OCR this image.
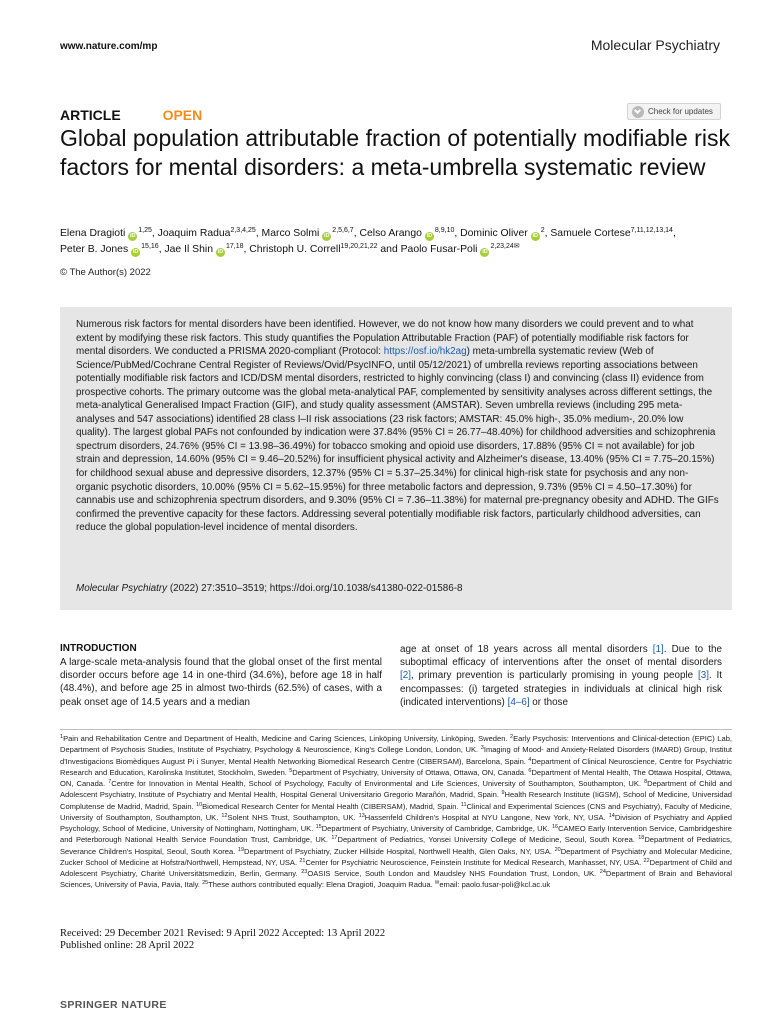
www.nature.com/mp	Molecular Psychiatry
ARTICLE	OPEN	Check for updates
Global population attributable fraction of potentially modifiable risk factors for mental disorders: a meta-umbrella systematic review
Elena Dragioti iD$^{1,25}$, Joaquim Radua$^{2,3,4,25}$, Marco Solmi iD$^{2,5,6,7}$, Celso Arango iD$^{8,9,10}$, Dominic Oliver $iD^2$, Samuele Cortese$^{7,11,12,13,14}$,
Peter B. Jones iD$^{15,16}$, Jae Il Shin iD$^{17,18}$, Christoph U. Correll$^{19,20,21,22}$ and Paolo Fusar-Poli $iD^{2,23,24✉}$
© The Author(s) 2022

Numerous risk factors for mental disorders have been identified. However, we do not know how many disorders we could prevent and to what extent by modifying these risk factors. This study quantifies the Population Attributable Fraction (PAF) of potentially modifiable risk factors for mental disorders. We conducted a PRISMA 2020-compliant (Protocol: https://osf.io/hk2ag) meta-umbrella systematic review (Web of Science/PubMed/Cochrane Central Register of Reviews/Ovid/PsycINFO, until 05/12/2021) of umbrella reviews reporting associations between potentially modifiable risk factors and ICD/DSM mental disorders, restricted to highly convincing (class I) and convincing (class II) evidence from prospective cohorts. The primary outcome was the global meta-analytical PAF, complemented by sensitivity analyses across different settings, the meta-analytical Generalised Impact Fraction (GIF), and study quality assessment (AMSTAR). Seven umbrella reviews (including 295 meta-analyses and 547 associations) identified 28 class I–II risk associations (23 risk factors; AMSTAR: 45.0% high-, 35.0% medium-, 20.0% low quality). The largest global PAFs not confounded by indication were 37.84% (95% CI = 26.77–48.40%) for childhood adversities and schizophrenia spectrum disorders, 24.76% (95% CI = 13.98–36.49%) for tobacco smoking and opioid use disorders, 17.88% (95% CI = not available) for job strain and depression, 14.60% (95% CI = 9.46–20.52%) for insufficient physical activity and Alzheimer's disease, 13.40% (95% CI = 7.75–20.15%) for childhood sexual abuse and depressive disorders, 12.37% (95% CI = 5.37–25.34%) for clinical high-risk state for psychosis and any non-organic psychotic disorders, 10.00% (95% CI = 5.62–15.95%) for three metabolic factors and depression, 9.73% (95% CI = 4.50–17.30%) for cannabis use and schizophrenia spectrum disorders, and 9.30% (95% CI = 7.36–11.38%) for maternal pre-pregnancy obesity and ADHD. The GIFs confirmed the preventive capacity for these factors. Addressing several potentially modifiable risk factors, particularly childhood adversities, can reduce the global population-level incidence of mental disorders.

Molecular Psychiatry (2022) 27:3510–3519; https://doi.org/10.1038/s41380-022-01586-8

INTRODUCTION

A large-scale meta-analysis found that the global onset of the first mental disorder occurs before age 14 in one-third (34.6%), before age 18 in half (48.4%), and before age 25 in almost two-thirds (62.5%) of cases, with a peak onset age of 14.5 years and a median

age at onset of 18 years across all mental disorders [1]. Due to the suboptimal efficacy of interventions after the onset of mental disorders [2], primary prevention is particularly promising in young people [3]. It encompasses: (i) targeted strategies in individuals at clinical high risk (indicated interventions) [4–6] or those

$^1$Pain and Rehabilitation Centre and Department of Health, Medicine and Caring Sciences, Linköping University, Linköping, Sweden. $^2$Early Psychosis: Interventions and Clinical-detection (EPIC) Lab, Department of Psychosis Studies, Institute of Psychiatry, Psychology & Neuroscience, King's College London, London, UK. $^3$Imaging of Mood- and Anxiety-Related Disorders (IMARD) Group, Institut d'Investigacions Biomèdiques August Pi i Sunyer, Mental Health Networking Biomedical Research Centre (CIBERSAM), Barcelona, Spain. $^4$Department of Clinical Neuroscience, Centre for Psychiatric Research and Education, Karolinska Institutet, Stockholm, Sweden. $^5$Department of Psychiatry, University of Ottawa, Ottawa, ON, Canada. $^6$Department of Mental Health, The Ottawa Hospital, Ottawa, ON, Canada. $^7$Centre for Innovation in Mental Health, School of Psychology, Faculty of Environmental and Life Sciences, University of Southampton, Southampton, UK. $^8$Department of Child and Adolescent Psychiatry, Institute of Psychiatry and Mental Health, Hospital General Universitario Gregorio Marañón, Madrid, Spain. $^9$Health Research Institute (IiGSM), School of Medicine, Universidad Complutense de Madrid, Madrid, Spain. $^{10}$Biomedical Research Center for Mental Health (CIBERSAM), Madrid, Spain. $^{11}$Clinical and Experimental Sciences (CNS and Psychiatry), Faculty of Medicine, University of Southampton, Southampton, UK. $^{12}$Solent NHS Trust, Southampton, UK. $^{13}$Hassenfeld Children's Hospital at NYU Langone, New York, NY, USA. $^{14}$Division of Psychiatry and Applied Psychology, School of Medicine, University of Nottingham, Nottingham, UK. $^{15}$Department of Psychiatry, University of Cambridge, Cambridge, UK. $^{16}$CAMEO Early Intervention Service, Cambridgeshire and Peterborough National Health Service Foundation Trust, Cambridge, UK. $^{17}$Department of Pediatrics, Yonsei University College of Medicine, Seoul, South Korea. $^{18}$Department of Pediatrics, Severance Children's Hospital, Seoul, South Korea. $^{19}$Department of Psychiatry, Zucker Hillside Hospital, Northwell Health, Glen Oaks, NY, USA. $^{20}$Department of Psychiatry and Molecular Medicine, Zucker School of Medicine at Hofstra/Northwell, Hempstead, NY, USA. $^{21}$Center for Psychiatric Neuroscience, Feinstein Institute for Medical Research, Manhasset, NY, USA. $^{22}$Department of Child and Adolescent Psychiatry, Charité Universitätsmedizin, Berlin, Germany. $^{23}$OASIS Service, South London and Maudsley NHS Foundation Trust, London, UK. $^{24}$Department of Brain and Behavioral Sciences, University of Pavia, Pavia, Italy. $^{25}$These authors contributed equally: Elena Dragioti, Joaquim Radua. ✉email: paolo.fusar-poli@kcl.ac.uk

Received: 29 December 2021 Revised: 9 April 2022 Accepted: 13 April 2022
Published online: 28 April 2022
SPRINGER NATURE
